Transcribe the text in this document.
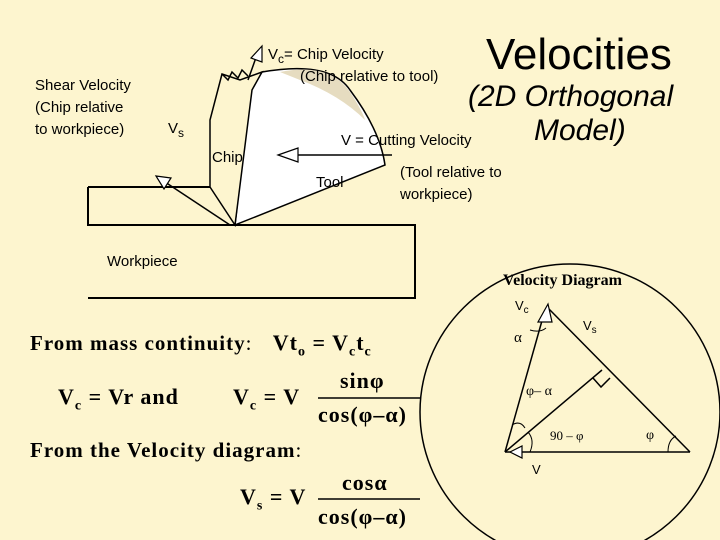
Velocities
(2D Orthogonal
Model)
$V_c=$ Chip Velocity
(Chip relative to tool)
Shear Velocity
(Chip relative
to workpiece)	$V_s$
Chip
V = Cutting Velocity
Tool
(Tool relative to
workpiece)
Workpiece
Velocity Diagram
$V_c$
$V_s$
α
φ– α
90 – φ	φ
V
From mass continuity: $Vt_o = V_ct_c$
$V_c = Vr$ and $V_c = V$
sinφ
cos(φ–α)
From the Velocity diagram:
$V_s = V$
cosα
cos(φ–α)
